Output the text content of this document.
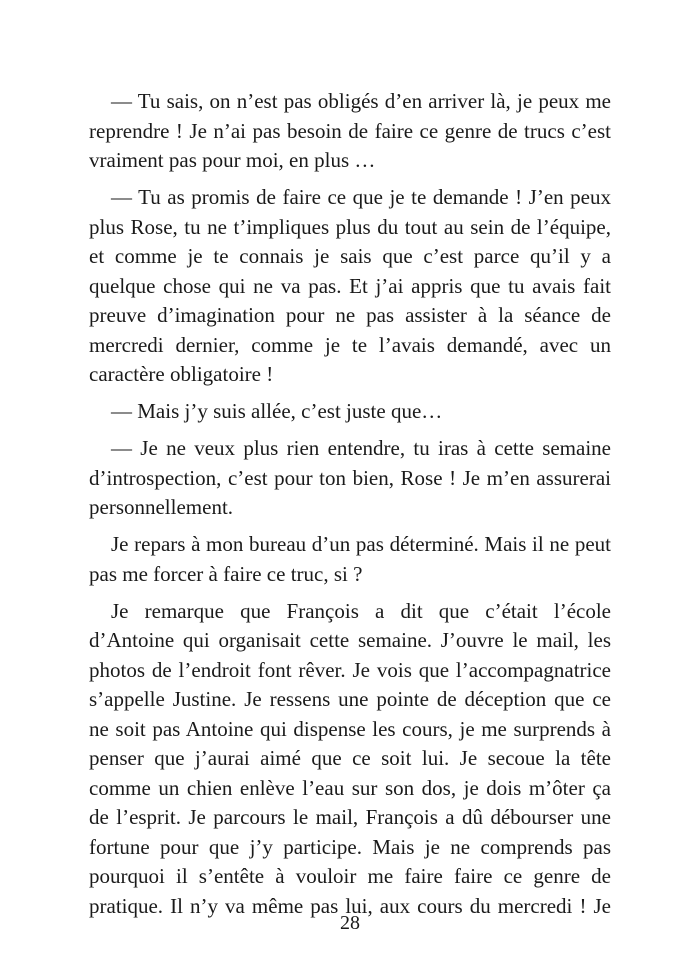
— Tu sais, on n’est pas obligés d’en arriver là, je peux me
reprendre ! Je n’ai pas besoin de faire ce genre de trucs c’est
vraiment pas pour moi, en plus …
— Tu as promis de faire ce que je te demande ! J’en peux
plus Rose, tu ne t’impliques plus du tout au sein de l’équipe,
et comme je te connais je sais que c’est parce qu’il y a
quelque chose qui ne va pas. Et j’ai appris que tu avais fait
preuve d’imagination pour ne pas assister à la séance de
mercredi dernier, comme je te l’avais demandé, avec un
caractère obligatoire !
— Mais j’y suis allée, c’est juste que…
— Je ne veux plus rien entendre, tu iras à cette semaine
d’introspection, c’est pour ton bien, Rose ! Je m’en assurerai
personnellement.
Je repars à mon bureau d’un pas déterminé. Mais il ne peut
pas me forcer à faire ce truc, si ?
Je remarque que François a dit que c’était l’école
d’Antoine qui organisait cette semaine. J’ouvre le mail, les
photos de l’endroit font rêver. Je vois que l’accompagnatrice
s’appelle Justine. Je ressens une pointe de déception que ce
ne soit pas Antoine qui dispense les cours, je me surprends à
penser que j’aurai aimé que ce soit lui. Je secoue la tête
comme un chien enlève l’eau sur son dos, je dois m’ôter ça
de l’esprit. Je parcours le mail, François a dû débourser une
fortune pour que j’y participe. Mais je ne comprends pas
pourquoi il s’entête à vouloir me faire faire ce genre de
pratique. Il n’y va même pas lui, aux cours du mercredi ! Je
28
